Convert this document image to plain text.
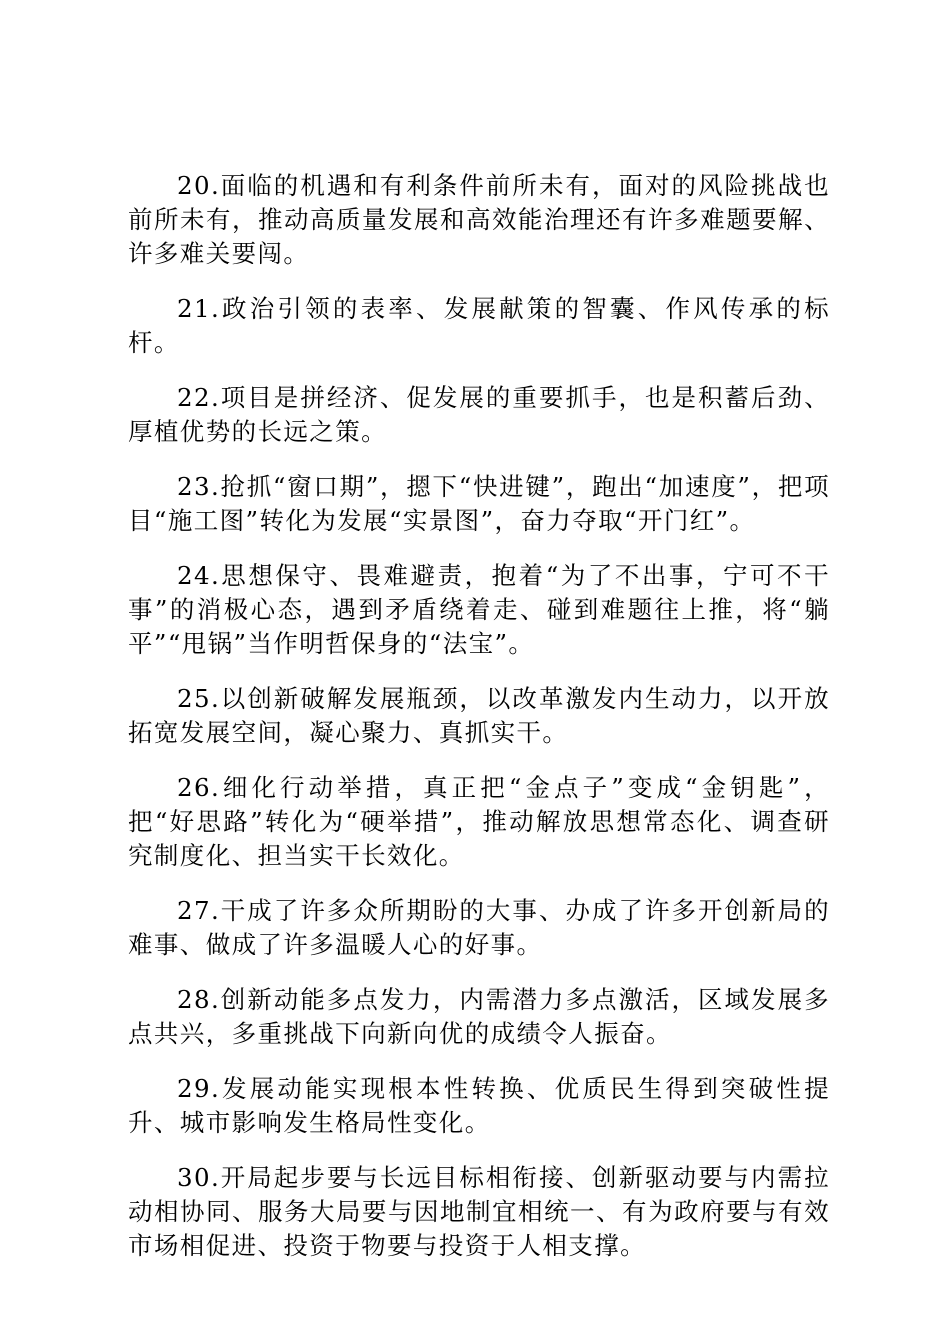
20.面临的机遇和有利条件前所未有，面对的风险挑战也前所未有，推动高质量发展和高效能治理还有许多难题要解、许多难关要闯。

21.政治引领的表率、发展献策的智囊、作风传承的标杆。

22.项目是拼经济、促发展的重要抓手，也是积蓄后劲、厚植优势的长远之策。

23.抢抓“窗口期”，摁下“快进键”，跑出“加速度”，把项目“施工图”转化为发展“实景图”，奋力夺取“开门红”。

24.思想保守、畏难避责，抱着“为了不出事，宁可不干事”的消极心态，遇到矛盾绕着走、碰到难题往上推，将“躺平”“甩锅”当作明哲保身的“法宝”。

25.以创新破解发展瓶颈，以改革激发内生动力，以开放拓宽发展空间，凝心聚力、真抓实干。

26.细化行动举措，真正把“金点子”变成“金钥匙”，把“好思路”转化为“硬举措”，推动解放思想常态化、调查研究制度化、担当实干长效化。

27.干成了许多众所期盼的大事、办成了许多开创新局的难事、做成了许多温暖人心的好事。

28.创新动能多点发力，内需潜力多点激活，区域发展多点共兴，多重挑战下向新向优的成绩令人振奋。

29.发展动能实现根本性转换、优质民生得到突破性提升、城市影响发生格局性变化。

30.开局起步要与长远目标相衔接、创新驱动要与内需拉动相协同、服务大局要与因地制宜相统一、有为政府要与有效市场相促进、投资于物要与投资于人相支撑。
